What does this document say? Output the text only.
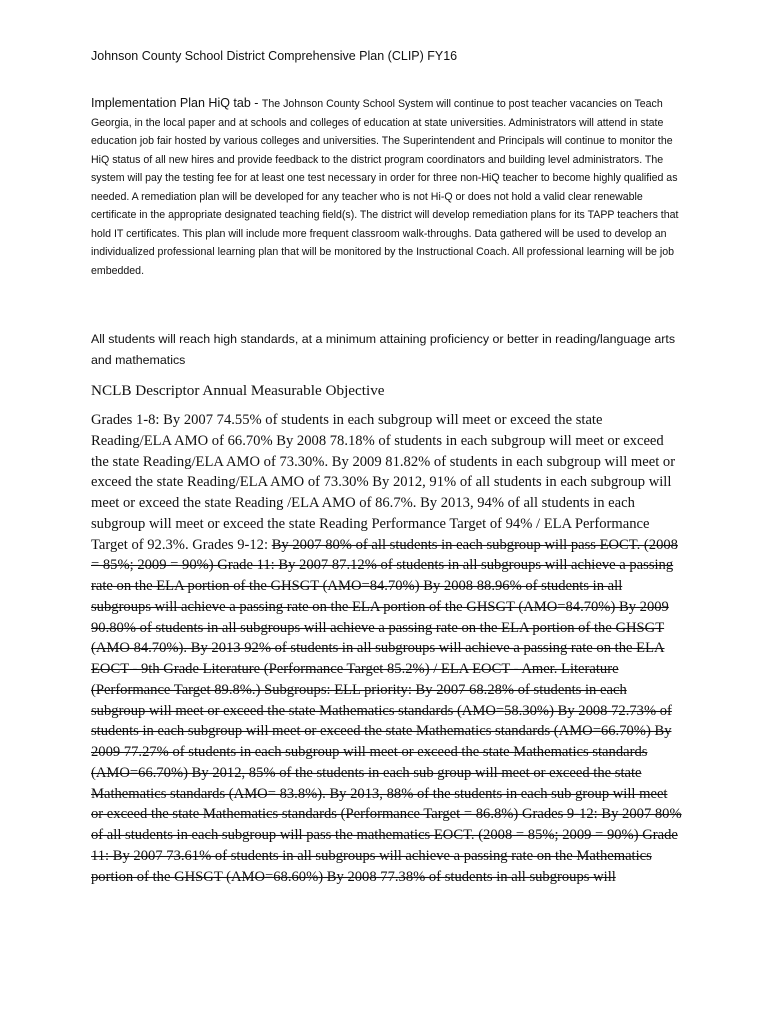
Johnson County School District Comprehensive Plan (CLIP) FY16

Implementation Plan HiQ tab - The Johnson County School System will continue to post teacher vacancies on Teach Georgia, in the local paper and at schools and colleges of education at state universities. Administrators will attend in state education job fair hosted by various colleges and universities. The Superintendent and Principals will continue to monitor the HiQ status of all new hires and provide feedback to the district program coordinators and building level administrators. The system will pay the testing fee for at least one test necessary in order for three non-HiQ teacher to become highly qualified as needed. A remediation plan will be developed for any teacher who is not Hi-Q or does not hold a valid clear renewable certificate in the appropriate designated teaching field(s). The district will develop remediation plans for its TAPP teachers that hold IT certificates. This plan will include more frequent classroom walk-throughs. Data gathered will be used to develop an individualized professional learning plan that will be monitored by the Instructional Coach. All professional learning will be job embedded.

All students will reach high standards, at a minimum attaining proficiency or better in reading/language arts and mathematics

NCLB Descriptor Annual Measurable Objective

Grades 1-8: By 2007 74.55% of students in each subgroup will meet or exceed the state Reading/ELA AMO of 66.70% By 2008 78.18% of students in each subgroup will meet or exceed the state Reading/ELA AMO of 73.30%. By 2009 81.82% of students in each subgroup will meet or exceed the state Reading/ELA AMO of 73.30% By 2012, 91% of all students in each subgroup will meet or exceed the state Reading /ELA AMO of 86.7%. By 2013, 94% of all students in each subgroup will meet or exceed the state Reading Performance Target of 94% / ELA Performance Target of 92.3%. Grades 9-12: By 2007 80% of all students in each subgroup will pass EOCT. (2008 = 85%; 2009 = 90%) Grade 11: By 2007 87.12% of students in all subgroups will achieve a passing rate on the ELA portion of the GHSGT (AMO=84.70%) By 2008 88.96% of students in all subgroups will achieve a passing rate on the ELA portion of the GHSGT (AMO=84.70%) By 2009 90.80% of students in all subgroups will achieve a passing rate on the ELA portion of the GHSGT (AMO 84.70%). By 2013 92% of students in all subgroups will achieve a passing rate on the ELA EOCT - 9th Grade Literature (Performance Target 85.2%) / ELA EOCT - Amer. Literature (Performance Target 89.8%.) Subgroups: ELL priority: By 2007 68.28% of students in each subgroup will meet or exceed the state Mathematics standards (AMO=58.30%) By 2008 72.73% of students in each subgroup will meet or exceed the state Mathematics standards (AMO=66.70%) By 2009 77.27% of students in each subgroup will meet or exceed the state Mathematics standards (AMO=66.70%) By 2012, 85% of the students in each sub group will meet or exceed the state Mathematics standards (AMO= 83.8%). By 2013, 88% of the students in each sub group will meet or exceed the state Mathematics standards (Performance Target = 86.8%) Grades 9-12: By 2007 80% of all students in each subgroup will pass the mathematics EOCT. (2008 = 85%; 2009 = 90%) Grade 11: By 2007 73.61% of students in all subgroups will achieve a passing rate on the Mathematics portion of the GHSGT (AMO=68.60%) By 2008 77.38% of students in all subgroups will
